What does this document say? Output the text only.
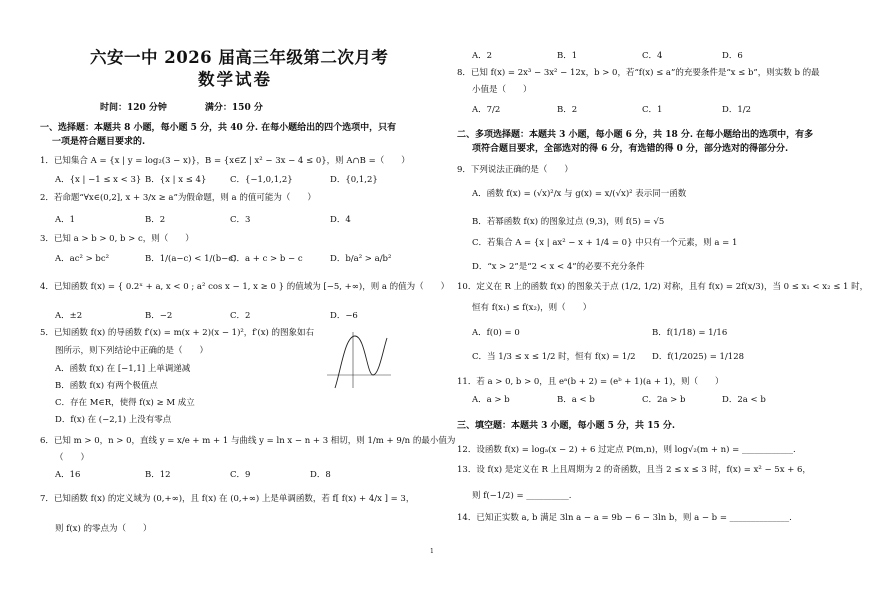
六安一中 2026 届高三年级第二次月考
数学试卷
时间：120 分钟	满分：150 分
一、选择题：本题共 8 小题，每小题 5 分，共 40 分. 在每小题给出的四个选项中，只有
一项是符合题目要求的.
1．已知集合 A = {x | y = log₂(3 − x)}，B = {x∈Z | x² − 3x − 4 ≤ 0}，则 A∩B =（　　）
A．{x | −1 ≤ x < 3} B．{x | x ≤ 4}	C．{−1,0,1,2}	D．{0,1,2}
2．若命题“∀x∈(0,2], x + 3/x ≥ a”为假命题，则 a 的值可能为（　　）
A．1	B．2	C．3	D．4
3．已知 a > b > 0, b > c，则（　　）
A．ac² > bc²	B．1/(a−c) < 1/(b−c)
C．a + c > b − c	D．b/a² > a/b²
4．已知函数 f(x) = { 0.2ˣ + a, x < 0 ; a² cos x − 1, x ≥ 0 } 的值域为 [−5, +∞)，则 a 的值为（　　）
A．±2	B．−2	C．2	D．−6
5．已知函数 f(x) 的导函数 f′(x) = m(x + 2)(x − 1)²，f′(x) 的图象如右
图所示，则下列结论中正确的是（　　）
A．函数 f(x) 在 [−1,1] 上单调递减
B．函数 f(x) 有两个极值点
C．存在 M∈R，使得 f(x) ≥ M 成立
D．f(x) 在 (−2,1) 上没有零点
6．已知 m > 0，n > 0，直线 y = x/e + m + 1 与曲线 y = ln x − n + 3 相切，则 1/m + 9/n 的最小值为
（　　）
A．16	B．12	C．9	D．8
7．已知函数 f(x) 的定义域为 (0,+∞)，且 f(x) 在 (0,+∞) 上是单调函数，若 f[ f(x) + 4/x ] = 3，
则 f(x) 的零点为（　　）
A．2	B．1	C．4	D．6
8．已知 f(x) = 2x³ − 3x² − 12x，b > 0，若“f(x) ≤ a”的充要条件是“x ≤ b”，则实数 b 的最
小值是（　　）
A．7/2	B．2	C．1	D．1/2
二、多项选择题：本题共 3 小题，每小题 6 分，共 18 分. 在每小题给出的选项中，有多
项符合题目要求，全部选对的得 6 分，有选错的得 0 分，部分选对的得部分分.
9．下列说法正确的是（　　）
A．函数 f(x) = (√x)²/x 与 g(x) = x/(√x)² 表示同一函数
B．若幂函数 f(x) 的图象过点 (9,3)，则 f(5) = √5
C．若集合 A = {x | ax² − x + 1/4 = 0} 中只有一个元素，则 a = 1
D．“x > 2”是“2 < x < 4”的必要不充分条件
10．定义在 R 上的函数 f(x) 的图象关于点 (1/2, 1/2) 对称，且有 f(x) = 2f(x/3)，当 0 ≤ x₁ < x₂ ≤ 1 时，
恒有 f(x₁) ≤ f(x₂)，则（　　）
A．f(0) = 0	B．f(1/18) = 1/16
C．当 1/3 ≤ x ≤ 1/2 时，恒有 f(x) = 1/2 D．f(1/2025) = 1/128
11．若 a > 0, b > 0，且 eᵃ(b + 2) = (eᵇ + 1)(a + 1)，则（　　）
A．a > b	B．a < b	C．2a > b	D．2a < b
三、填空题：本题共 3 小题，每小题 5 分，共 15 分.
12．设函数 f(x) = logₐ(x − 2) + 6 过定点 P(m,n)，则 log√₂(m + n) = ____________.
13．设 f(x) 是定义在 R 上且周期为 2 的奇函数，且当 2 ≤ x ≤ 3 时，f(x) = x² − 5x + 6，
则 f(−1/2) = __________.
14．已知正实数 a, b 满足 3ln a − a = 9b − 6 − 3ln b，则 a − b = ______________.
1
